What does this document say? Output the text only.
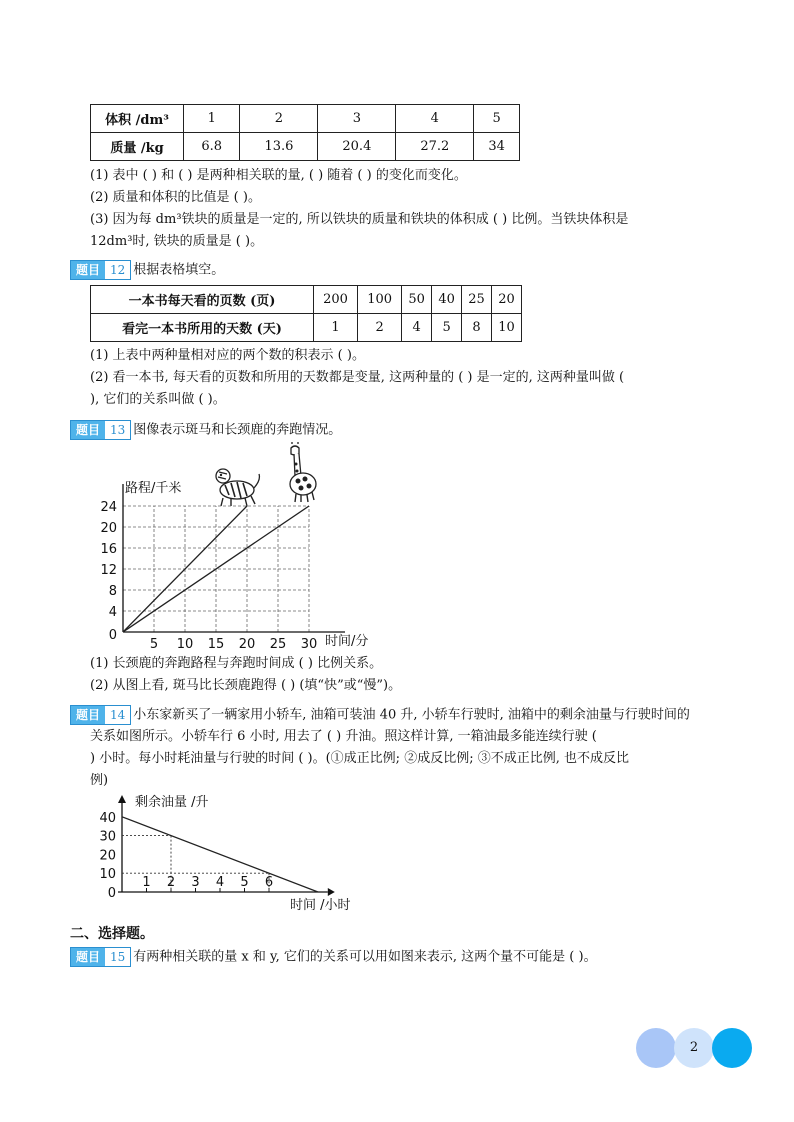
体积 /dm³	1	2	3	4	5
质量 /kg	6.8	13.6	20.4	27.2	34
(1) 表中 ( ) 和 ( ) 是两种相关联的量, ( ) 随着 ( ) 的变化而变化。
(2) 质量和体积的比值是 ( )。
(3) 因为每 dm³铁块的质量是一定的, 所以铁块的质量和铁块的体积成 ( ) 比例。当铁块体积是
12dm³时, 铁块的质量是 ( )。
题目 12 根据表格填空。
一本书每天看的页数 (页)	200	100	50	40	25	20
看完一本书所用的天数 (天)	1	2	4	5	8	10
(1) 上表中两种量相对应的两个数的积表示 ( )。
(2) 看一本书, 每天看的页数和所用的天数都是变量, 这两种量的 ( ) 是一定的, 这两种量叫做 (
), 它们的关系叫做 ( )。
题目 13 图像表示斑马和长颈鹿的奔跑情况。
5 10 15 20 25 30
0
4
8
12
16
20
24
路程/千米
时间/分
(1) 长颈鹿的奔跑路程与奔跑时间成 ( ) 比例关系。
(2) 从图上看, 斑马比长颈鹿跑得 ( ) (填“快”或“慢”)。
题目 14 小东家新买了一辆家用小轿车, 油箱可装油 40 升, 小轿车行驶时, 油箱中的剩余油量与行驶时间的
关系如图所示。小轿车行 6 小时, 用去了 ( ) 升油。照这样计算, 一箱油最多能连续行驶 (
) 小时。每小时耗油量与行驶的时间 ( )。(①成正比例; ②成反比例; ③不成正比例, 也不成反比
例)
1 2 3 4 5 6
0
10
20
30
40
剩余油量 /升
时间 /小时
二、选择题。
题目 15 有两种相关联的量 x 和 y, 它们的关系可以用如图来表示, 这两个量不可能是 ( )。
2
